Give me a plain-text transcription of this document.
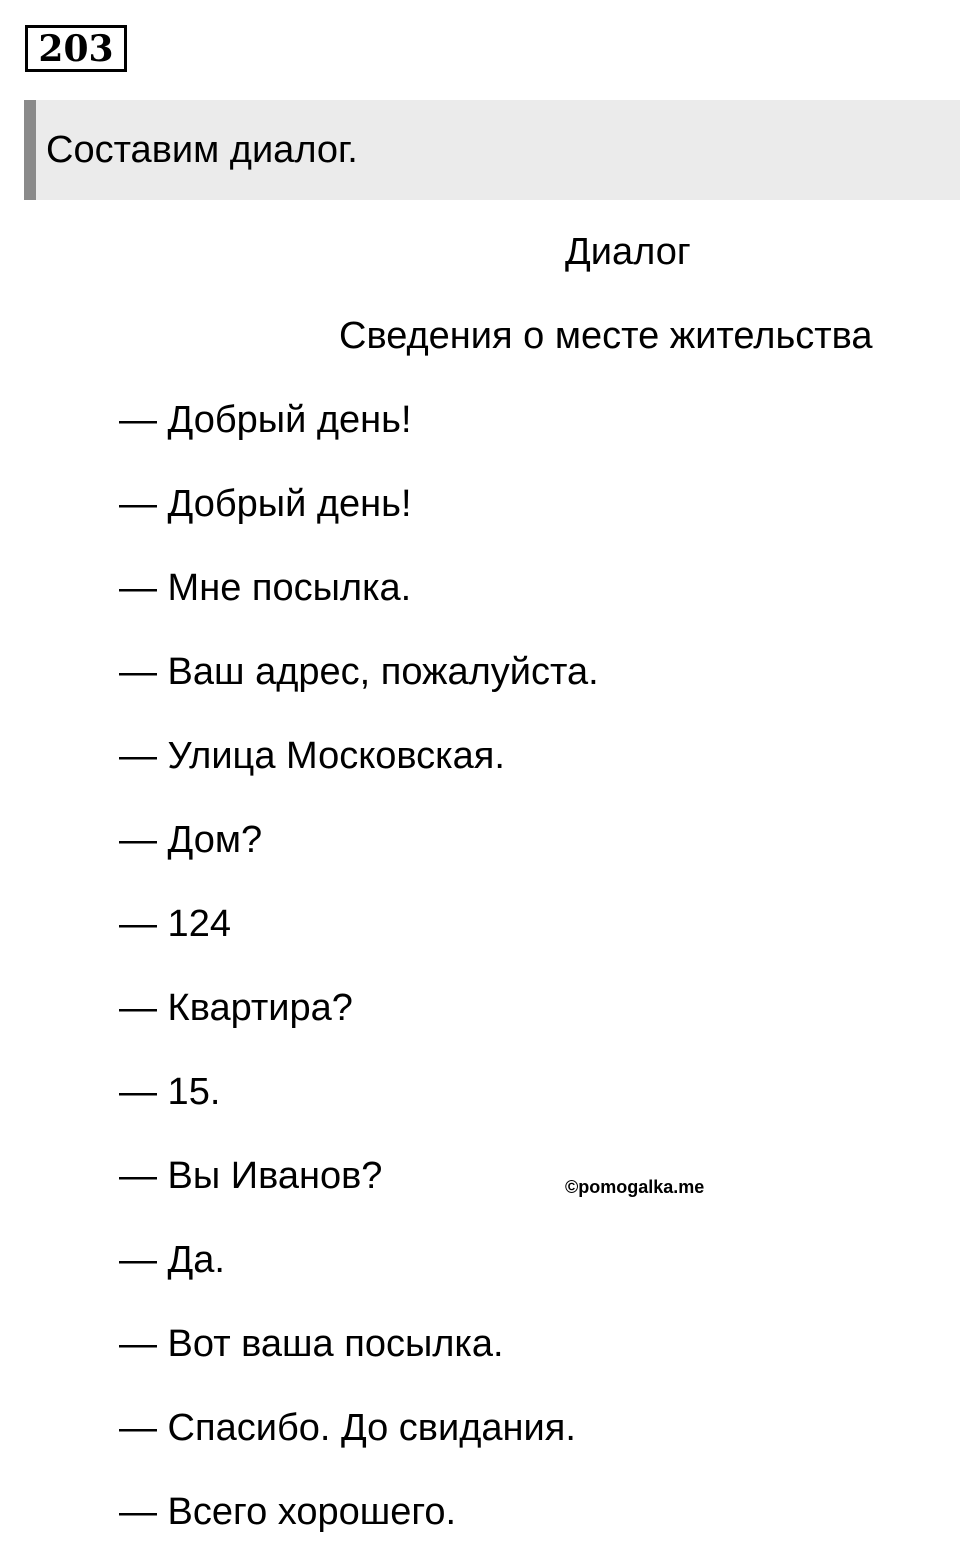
203
Составим диалог.
Диалог
Сведения о месте жительства
— Добрый день!
— Добрый день!
— Мне посылка.
— Ваш адрес, пожалуйста.
— Улица Московская.
— Дом?
— 124
— Квартира?
— 15.
— Вы Иванов?
— Да.
— Вот ваша посылка.
— Спасибо. До свидания.
— Всего хорошего.
©pomogalka.me
